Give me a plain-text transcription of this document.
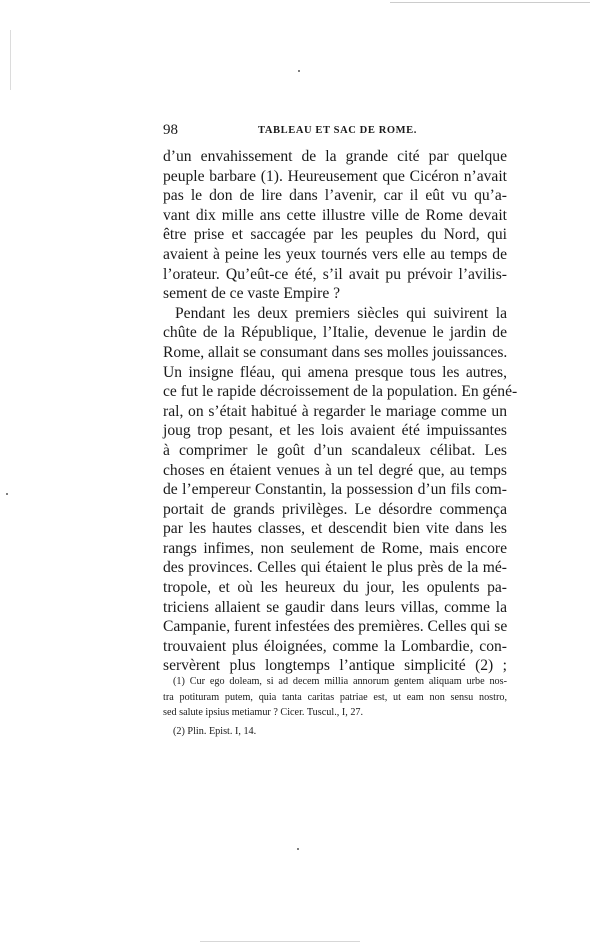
98	TABLEAU ET SAC DE ROME.
d’un envahissement de la grande cité par quelque
peuple barbare (1). Heureusement que Cicéron n’avait
pas le don de lire dans l’avenir, car il eût vu qu’a-
vant dix mille ans cette illustre ville de Rome devait
être prise et saccagée par les peuples du Nord, qui
avaient à peine les yeux tournés vers elle au temps de
l’orateur. Qu’eût-ce été, s’il avait pu prévoir l’avilis-
sement de ce vaste Empire ?
Pendant les deux premiers siècles qui suivirent la
chûte de la République, l’Italie, devenue le jardin de
Rome, allait se consumant dans ses molles jouissances.
Un insigne fléau, qui amena presque tous les autres,
ce fut le rapide décroissement de la population. En géné-
ral, on s’était habitué à regarder le mariage comme un
joug trop pesant, et les lois avaient été impuissantes
à comprimer le goût d’un scandaleux célibat. Les
choses en étaient venues à un tel degré que, au temps
de l’empereur Constantin, la possession d’un fils com-
portait de grands privilèges. Le désordre commença
par les hautes classes, et descendit bien vite dans les
rangs infimes, non seulement de Rome, mais encore
des provinces. Celles qui étaient le plus près de la mé-
tropole, et où les heureux du jour, les opulents pa-
triciens allaient se gaudir dans leurs villas, comme la
Campanie, furent infestées des premières. Celles qui se
trouvaient plus éloignées, comme la Lombardie, con-
servèrent plus longtemps l’antique simplicité (2) ;
(1) Cur ego doleam, si ad decem millia annorum gentem aliquam urbe nos-
tra potituram putem, quia tanta caritas patriae est, ut eam non sensu nostro,
sed salute ipsius metiamur ? Cicer. Tuscul., I, 27.
(2) Plin. Epist. I, 14.
